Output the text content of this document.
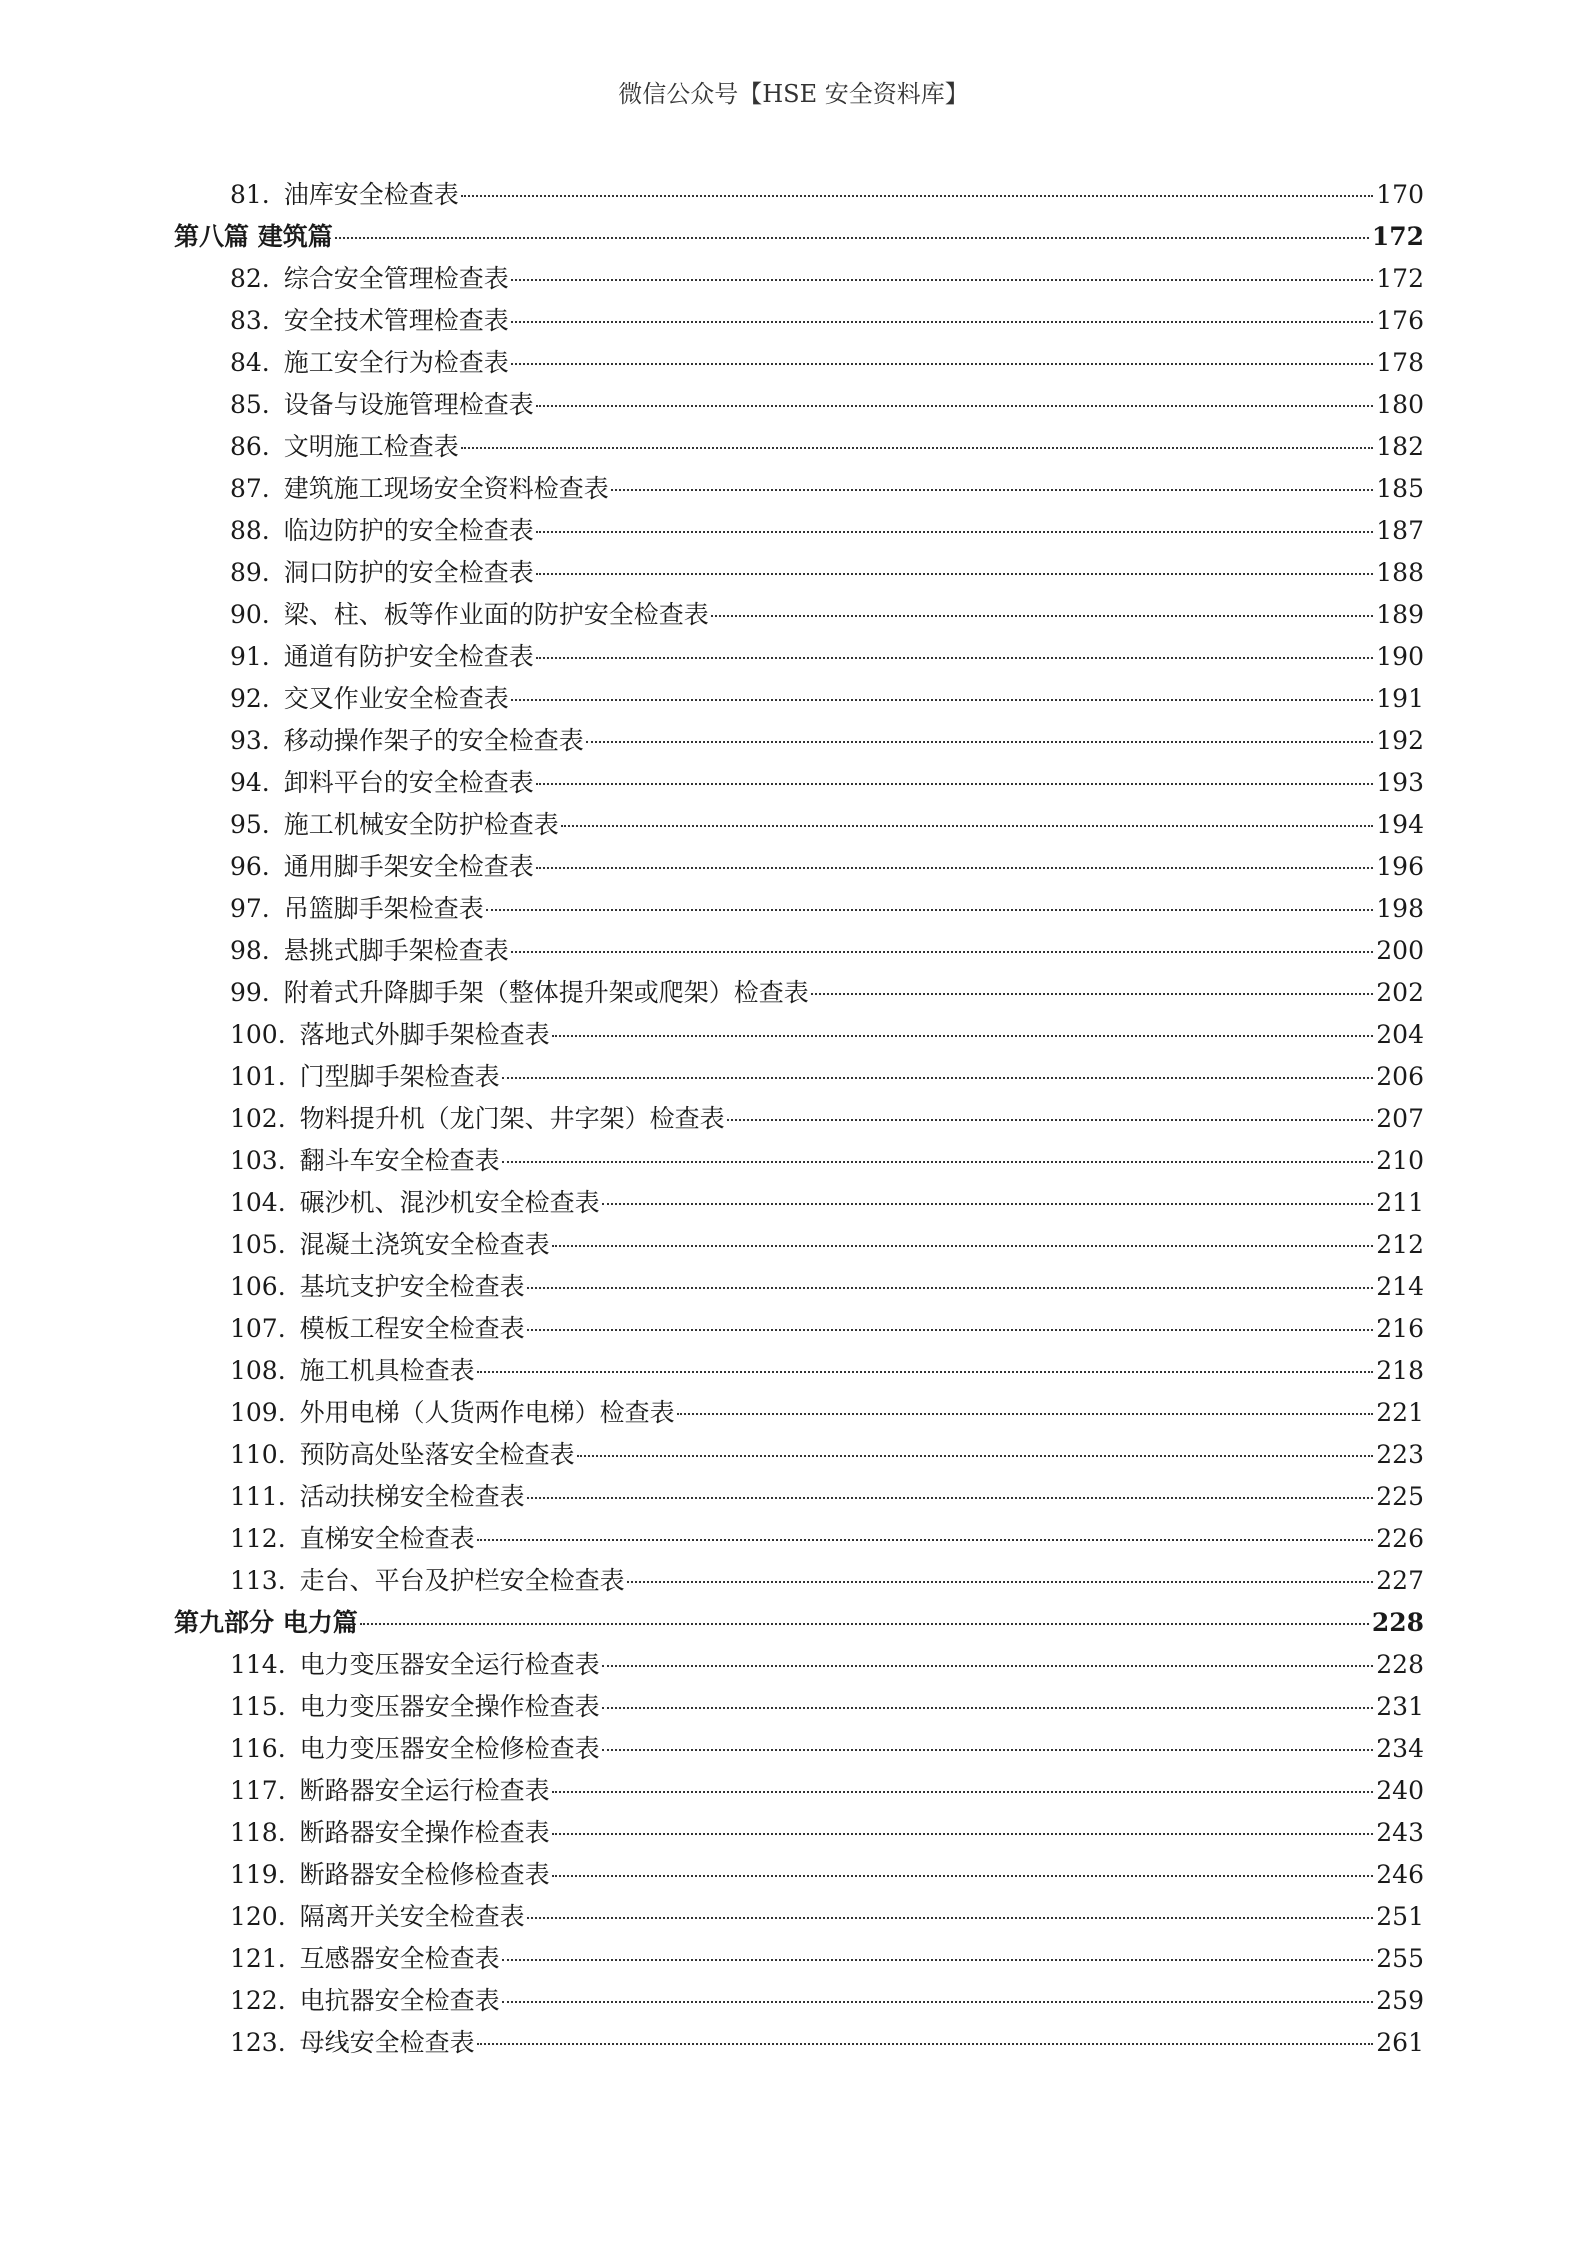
微信公众号【HSE 安全资料库】
81. 油库安全检查表	170
第八篇 建筑篇	172
82. 综合安全管理检查表	172
83. 安全技术管理检查表	176
84. 施工安全行为检查表	178
85. 设备与设施管理检查表	180
86. 文明施工检查表	182
87. 建筑施工现场安全资料检查表	185
88. 临边防护的安全检查表	187
89. 洞口防护的安全检查表	188
90. 梁、柱、板等作业面的防护安全检查表	189
91. 通道有防护安全检查表	190
92. 交叉作业安全检查表	191
93. 移动操作架子的安全检查表	192
94. 卸料平台的安全检查表	193
95. 施工机械安全防护检查表	194
96. 通用脚手架安全检查表	196
97. 吊篮脚手架检查表	198
98. 悬挑式脚手架检查表	200
99. 附着式升降脚手架（整体提升架或爬架）检查表	202
100. 落地式外脚手架检查表	204
101. 门型脚手架检查表	206
102. 物料提升机（龙门架、井字架）检查表	207
103. 翻斗车安全检查表	210
104. 碾沙机、混沙机安全检查表	211
105. 混凝土浇筑安全检查表	212
106. 基坑支护安全检查表	214
107. 模板工程安全检查表	216
108. 施工机具检查表	218
109. 外用电梯（人货两作电梯）检查表	221
110. 预防高处坠落安全检查表	223
111. 活动扶梯安全检查表	225
112. 直梯安全检查表	226
113. 走台、平台及护栏安全检查表	227
第九部分 电力篇	228
114. 电力变压器安全运行检查表	228
115. 电力变压器安全操作检查表	231
116. 电力变压器安全检修检查表	234
117. 断路器安全运行检查表	240
118. 断路器安全操作检查表	243
119. 断路器安全检修检查表	246
120. 隔离开关安全检查表	251
121. 互感器安全检查表	255
122. 电抗器安全检查表	259
123. 母线安全检查表	261
